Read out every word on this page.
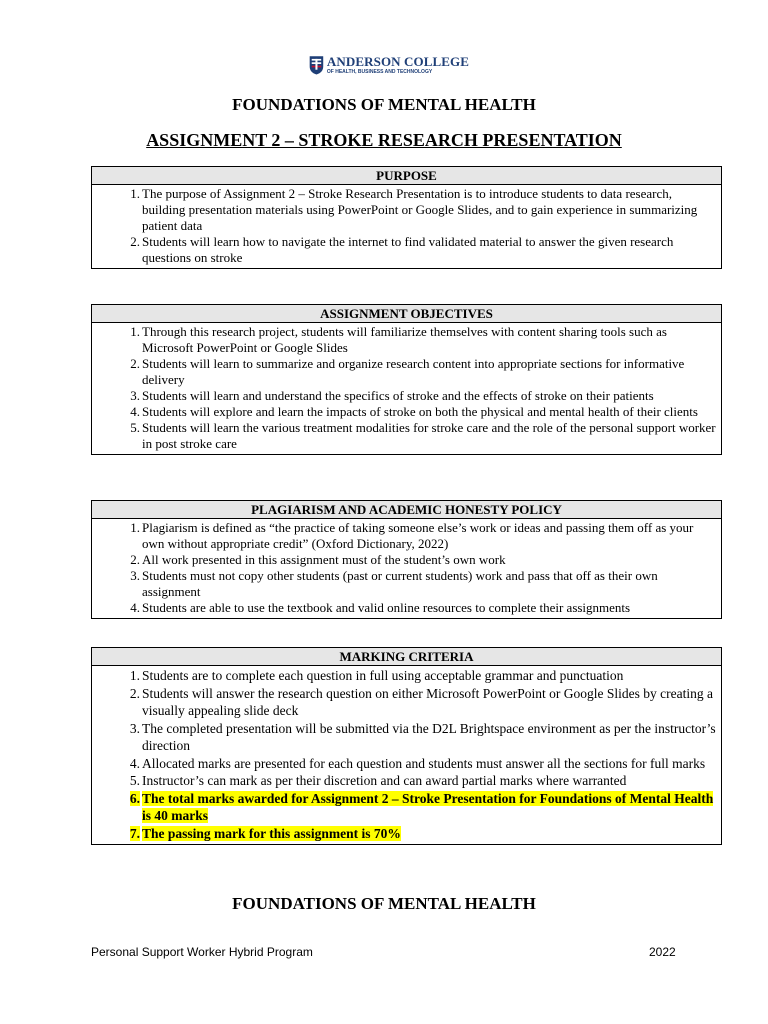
ANDERSON COLLEGE
OF HEALTH, BUSINESS AND TECHNOLOGY
FOUNDATIONS OF MENTAL HEALTH
ASSIGNMENT 2 – STROKE RESEARCH PRESENTATION
PURPOSE
1 . The purpose of Assignment 2 – Stroke Research Presentation is to introduce students to data research, building presentation materials using PowerPoint or Google Slides, and to gain experience in summarizing patient data
2 . Students will learn how to navigate the internet to find validated material to answer the given research questions on stroke
ASSIGNMENT OBJECTIVES
1 . Through this research project, students will familiarize themselves with content sharing tools such as Microsoft PowerPoint or Google Slides
2 . Students will learn to summarize and organize research content into appropriate sections for informative delivery
3 . Students will learn and understand the specifics of stroke and the effects of stroke on their patients
4 . Students will explore and learn the impacts of stroke on both the physical and mental health of their clients
5 . Students will learn the various treatment modalities for stroke care and the role of the personal support worker in post stroke care
PLAGIARISM AND ACADEMIC HONESTY POLICY
1 . Plagiarism is defined as “the practice of taking someone else’s work or ideas and passing them off as your own without appropriate credit” (Oxford Dictionary, 2022)
2 . All work presented in this assignment must of the student’s own work
3 . Students must not copy other students (past or current students) work and pass that off as their own assignment
4 . Students are able to use the textbook and valid online resources to complete their assignments
MARKING CRITERIA
1 . Students are to complete each question in full using acceptable grammar and punctuation
2 . Students will answer the research question on either Microsoft PowerPoint or Google Slides by creating a visually appealing slide deck
3 . The completed presentation will be submitted via the D2L Brightspace environment as per the instructor’s direction
4 . Allocated marks are presented for each question and students must answer all the sections for full marks
5 . Instructor’s can mark as per their discretion and can award partial marks where warranted
6. The total marks awarded for Assignment 2 – Stroke Presentation for Foundations of Mental Health is 40 marks
7. The passing mark for this assignment is 70%
FOUNDATIONS OF MENTAL HEALTH
Personal Support Worker Hybrid Program	2022
